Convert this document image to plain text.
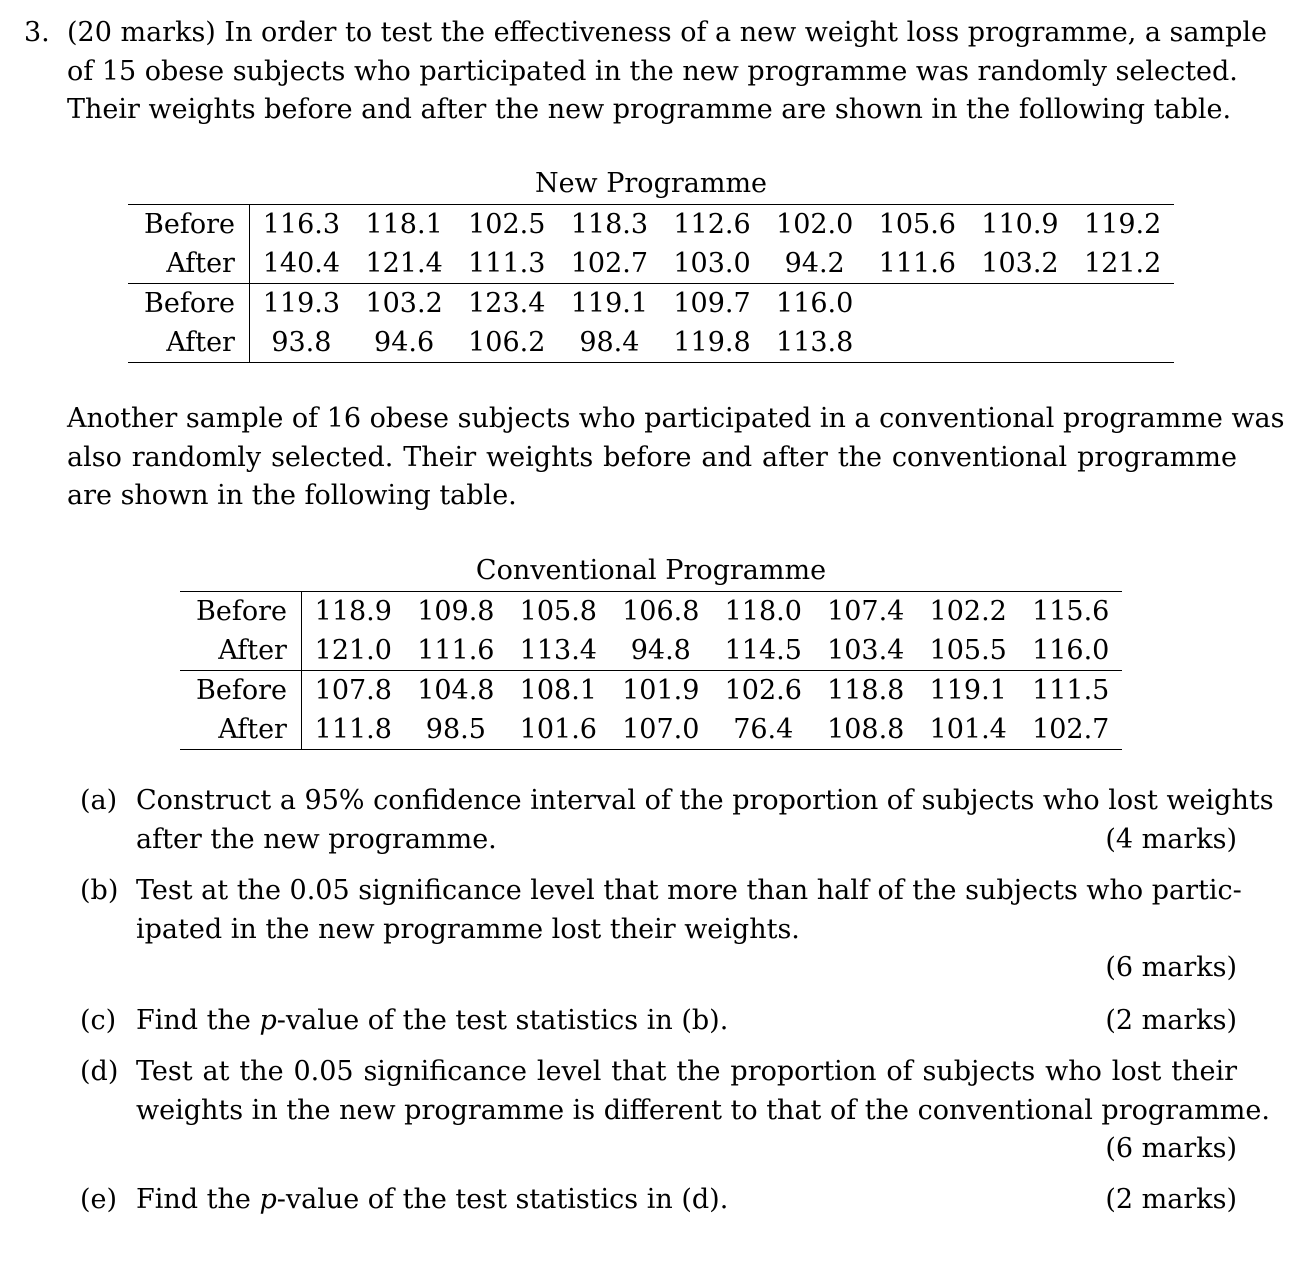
3. (20 marks) In order to test the effectiveness of a new weight loss programme, a sample
of 15 obese subjects who participated in the new programme was randomly selected.
Their weights before and after the new programme are shown in the following table.
New Programme
Before	116.3	118.1	102.5	118.3	112.6	102.0	105.6	110.9	119.2
After	140.4	121.4	111.3	102.7	103.0	94.2	111.6	103.2	121.2
Before	119.3	103.2	123.4	119.1	109.7	116.0			
After	93.8	94.6	106.2	98.4	119.8	113.8			
Another sample of 16 obese subjects who participated in a conventional programme was
also randomly selected. Their weights before and after the conventional programme
are shown in the following table.
Conventional Programme
Before	118.9	109.8	105.8	106.8	118.0	107.4	102.2	115.6
After	121.0	111.6	113.4	94.8	114.5	103.4	105.5	116.0
Before	107.8	104.8	108.1	101.9	102.6	118.8	119.1	111.5
After	111.8	98.5	101.6	107.0	76.4	108.8	101.4	102.7
(a) Construct a 95% confidence interval of the proportion of subjects who lost weights
after the new programme.	(4 marks)
(b) Test at the 0.05 significance level that more than half of the subjects who partic-
ipated in the new programme lost their weights.
(6 marks)
(c) Find the p-value of the test statistics in (b).	(2 marks)
(d) Test at the 0.05 significance level that the proportion of subjects who lost their
weights in the new programme is different to that of the conventional programme.
(6 marks)
(e) Find the p-value of the test statistics in (d).	(2 marks)
